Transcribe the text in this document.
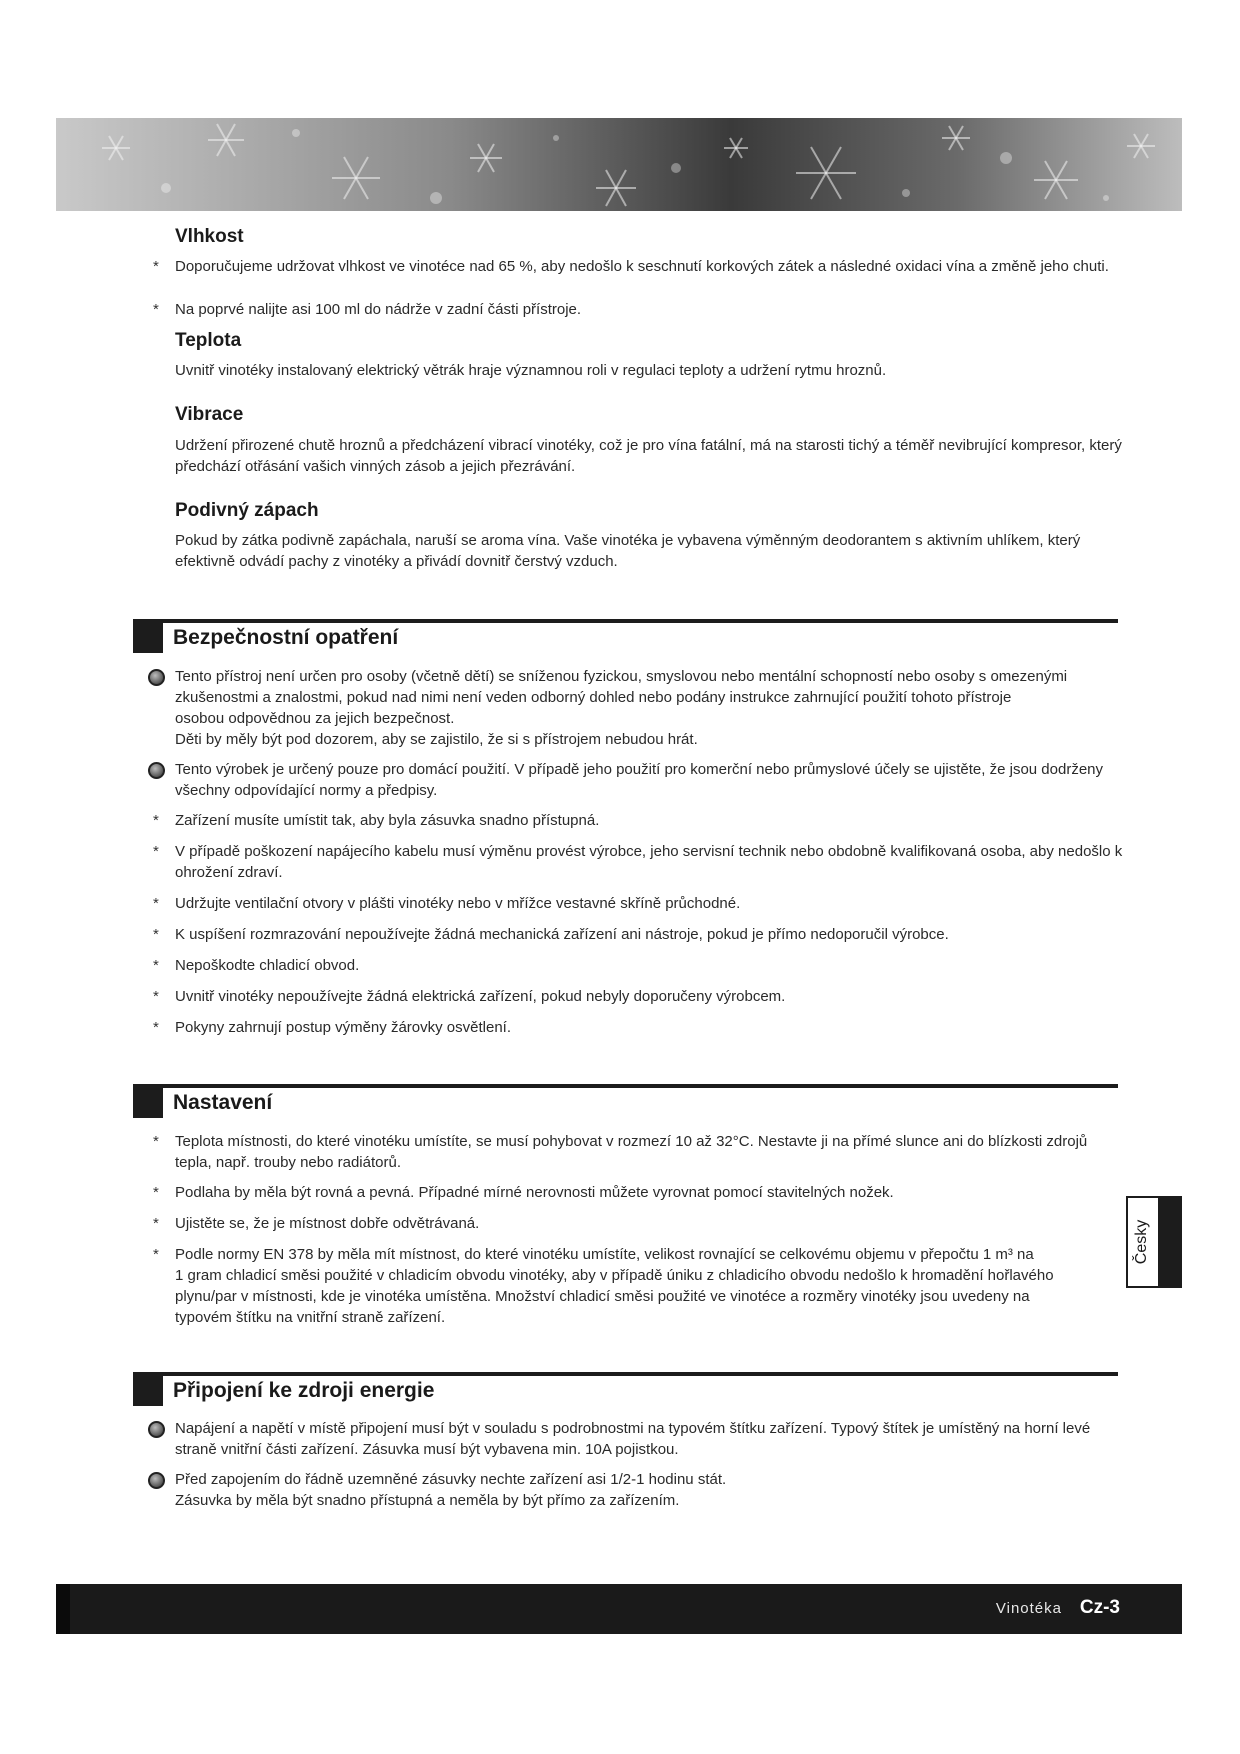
Vlhkost
* Doporučujeme udržovat vlhkost ve vinotéce nad 65 %, aby nedošlo k seschnutí korkových zátek a následné oxidaci vína a změně jeho chuti.
* Na poprvé nalijte asi 100 ml do nádrže v zadní části přístroje.
Teplota
Uvnitř vinotéky instalovaný elektrický větrák hraje významnou roli v regulaci teploty a udržení rytmu hroznů.
Vibrace
Udržení přirozené chutě hroznů a předcházení vibrací vinotéky, což je pro vína fatální, má na starosti tichý a téměř nevibrující kompresor, který předchází otřásání vašich vinných zásob a jejich přezrávání.
Podivný zápach
Pokud by zátka podivně zapáchala, naruší se aroma vína. Vaše vinotéka je vybavena výměnným deodorantem s aktivním uhlíkem, který efektivně odvádí pachy z vinotéky a přivádí dovnitř čerstvý vzduch.
Bezpečnostní opatření
Tento přístroj není určen pro osoby (včetně dětí) se sníženou fyzickou, smyslovou nebo mentální schopností nebo osoby s omezenými
zkušenostmi a znalostmi, pokud nad nimi není veden odborný dohled nebo podány instrukce zahrnující použití tohoto přístroje
osobou odpovědnou za jejich bezpečnost.
Děti by měly být pod dozorem, aby se zajistilo, že si s přístrojem nebudou hrát.
Tento výrobek je určený pouze pro domácí použití. V případě jeho použití pro komerční nebo průmyslové účely se ujistěte, že jsou dodrženy všechny odpovídající normy a předpisy.
* Zařízení musíte umístit tak, aby byla zásuvka snadno přístupná.
* V případě poškození napájecího kabelu musí výměnu provést výrobce, jeho servisní technik nebo obdobně kvalifikovaná osoba, aby nedošlo k ohrožení zdraví.
* Udržujte ventilační otvory v plášti vinotéky nebo v mřížce vestavné skříně průchodné.
* K uspíšení rozmrazování nepoužívejte žádná mechanická zařízení ani nástroje, pokud je přímo nedoporučil výrobce.
* Nepoškodte chladicí obvod.
* Uvnitř vinotéky nepoužívejte žádná elektrická zařízení, pokud nebyly doporučeny výrobcem.
* Pokyny zahrnují postup výměny žárovky osvětlení.
Nastavení
* Teplota místnosti, do které vinotéku umístíte, se musí pohybovat v rozmezí 10 až 32°C. Nestavte ji na přímé slunce ani do blízkosti zdrojů tepla, např. trouby nebo radiátorů.
* Podlaha by měla být rovná a pevná. Případné mírné nerovnosti můžete vyrovnat pomocí stavitelných nožek.
* Ujistěte se, že je místnost dobře odvětrávaná.
* Podle normy EN 378 by měla mít místnost, do které vinotéku umístíte, velikost rovnající se celkovému objemu v přepočtu 1 m³ na
1 gram chladicí směsi použité v chladicím obvodu vinotéky, aby v případě úniku z chladicího obvodu nedošlo k hromadění hořlavého
plynu/par v místnosti, kde je vinotéka umístěna. Množství chladicí směsi použité ve vinotéce a rozměry vinotéky jsou uvedeny na
typovém štítku na vnitřní straně zařízení.
Připojení ke zdroji energie
Napájení a napětí v místě připojení musí být v souladu s podrobnostmi na typovém štítku zařízení. Typový štítek je umístěný na horní levé straně vnitřní části zařízení. Zásuvka musí být vybavena min. 10A pojistkou.
Před zapojením do řádně uzemněné zásuvky nechte zařízení asi 1/2-1 hodinu stát.
Zásuvka by měla být snadno přístupná a neměla by být přímo za zařízením.
Česky
Vinotéka Cz-3
